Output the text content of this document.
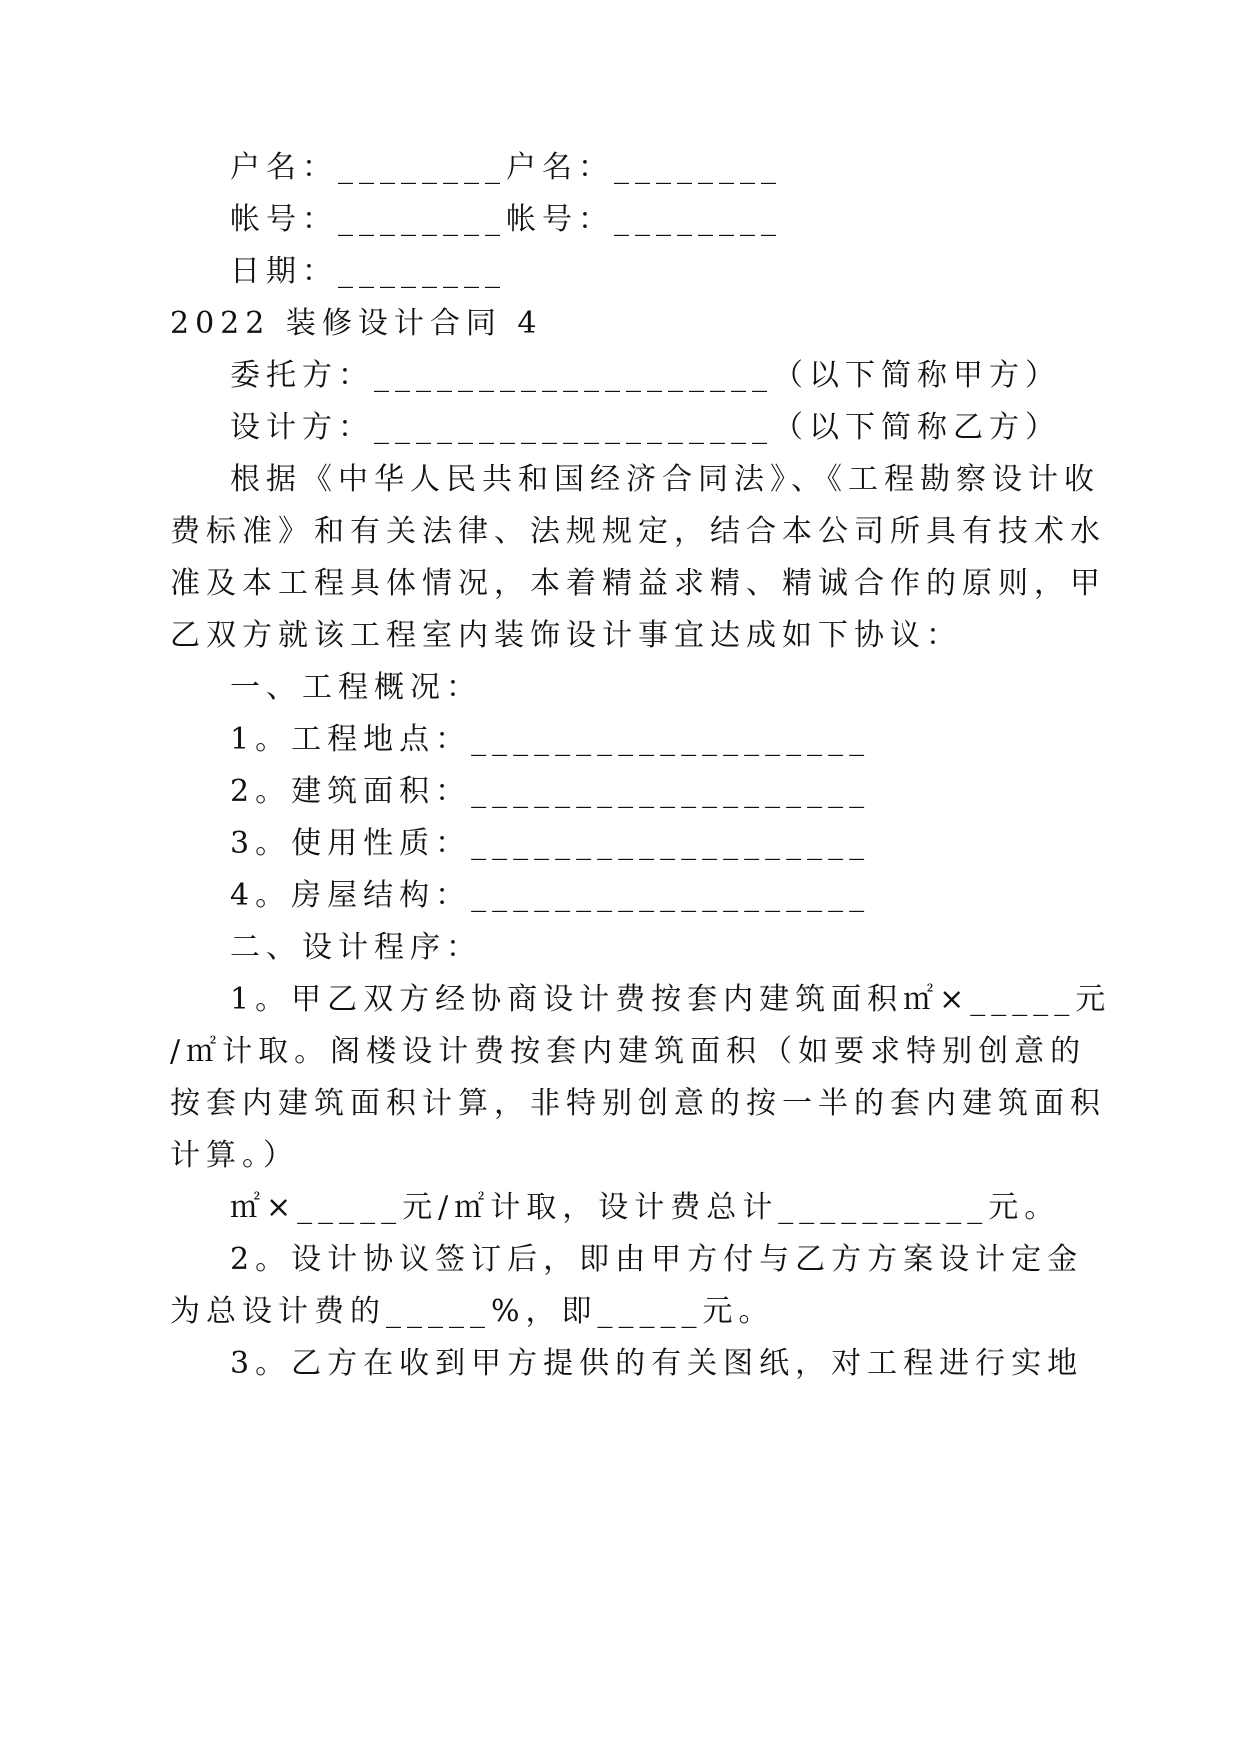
户名：________户名：________
帐号：________帐号：________
日期：________
2022 装修设计合同 4
委托方：___________________（以下简称甲方）
设计方：___________________（以下简称乙方）
根据《中华人民共和国经济合同法》、《工程勘察设计收
费标准》和有关法律、法规规定，结合本公司所具有技术水
准及本工程具体情况，本着精益求精、精诚合作的原则，甲
乙双方就该工程室内装饰设计事宜达成如下协议：
一、工程概况：
1。工程地点：___________________
2。建筑面积：___________________
3。使用性质：___________________
4。房屋结构：___________________
二、设计程序：
1。甲乙双方经协商设计费按套内建筑面积㎡×_____元
/㎡计取。阁楼设计费按套内建筑面积（如要求特别创意的
按套内建筑面积计算，非特别创意的按一半的套内建筑面积
计算。）
㎡×_____元/㎡计取，设计费总计__________元。
2。设计协议签订后，即由甲方付与乙方方案设计定金
为总设计费的_____%，即_____元。
3。乙方在收到甲方提供的有关图纸，对工程进行实地
